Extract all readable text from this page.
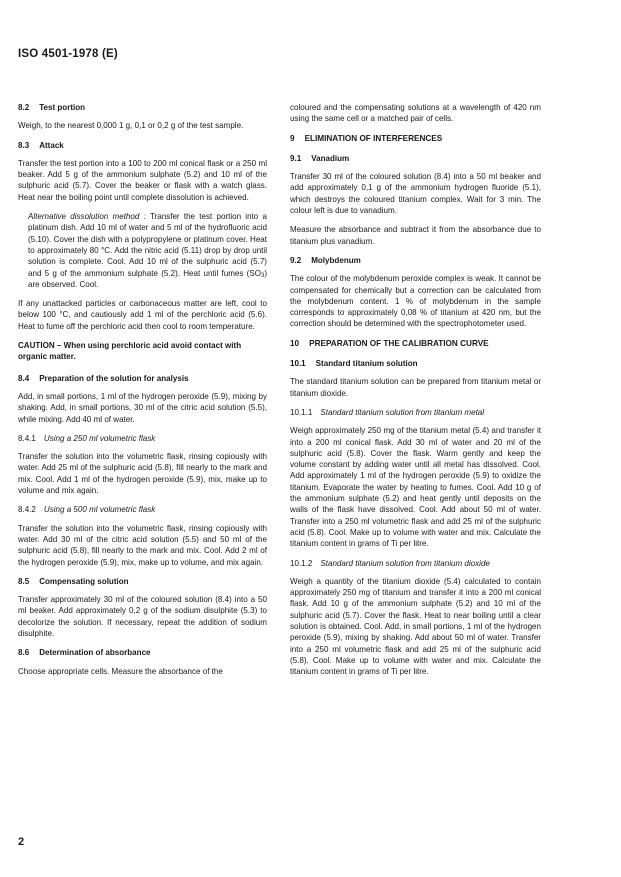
ISO 4501-1978 (E)
8.2 Test portion

Weigh, to the nearest 0,000 1 g, 0,1 or 0,2 g of the test sample.

8.3 Attack

Transfer the test portion into a 100 to 200 ml conical flask or a 250 ml beaker. Add 5 g of the ammonium sulphate (5.2) and 10 ml of the sulphuric acid (5.7). Cover the beaker or flask with a watch glass. Heat near the boiling point until complete dissolution is achieved.

Alternative dissolution method : Transfer the test portion into a platinum dish. Add 10 ml of water and 5 ml of the hydrofluoric acid (5.10). Cover the dish with a polypropylene or platinum cover. Heat to approximately 80 °C. Add the nitric acid (5.11) drop by drop until solution is complete. Cool. Add 10 ml of the sulphuric acid (5.7) and 5 g of the ammonium sulphate (5.2). Heat until fumes $(SO_3)$ are observed. Cool.

If any unattacked particles or carbonaceous matter are left, cool to below 100 °C, and cautiously add 1 ml of the perchloric acid (5.6). Heat to fume off the perchloric acid then cool to room temperature.

CAUTION – When using perchloric acid avoid contact with organic matter.

8.4 Preparation of the solution for analysis

Add, in small portions, 1 ml of the hydrogen peroxide (5.9), mixing by shaking. Add, in small portions, 30 ml of the citric acid solution (5.5), while mixing. Add 40 ml of water.

8.4.1 Using a 250 ml volumetric flask

Transfer the solution into the volumetric flask, rinsing copiously with water. Add 25 ml of the sulphuric acid (5.8), fill nearly to the mark and mix. Cool. Add 1 ml of the hydrogen peroxide (5.9), mix, make up to volume and mix again.

8.4.2 Using a 500 ml volumetric flask

Transfer the solution into the volumetric flask, rinsing copiously with water. Add 30 ml of the citric acid solution (5.5) and 50 ml of the sulphuric acid (5.8), fill nearly to the mark and mix. Cool. Add 2 ml of the hydrogen peroxide (5.9), mix, make up to volume, and mix again.

8.5 Compensating solution

Transfer approximately 30 ml of the coloured solution (8.4) into a 50 ml beaker. Add approximately 0,2 g of the sodium disulphite (5.3) to decolorize the solution. If necessary, repeat the addition of sodium disulphite.

8.6 Determination of absorbance

Choose appropriate cells. Measure the absorbance of the

coloured and the compensating solutions at a wavelength of 420 nm using the same cell or a matched pair of cells.

9 ELIMINATION OF INTERFERENCES
9.1 Vanadium

Transfer 30 ml of the coloured solution (8.4) into a 50 ml beaker and add approximately 0,1 g of the ammonium hydrogen fluoride (5.1), which destroys the coloured titanium complex. Wait for 3 min. The colour left is due to vanadium.

Measure the absorbance and subtract it from the absorbance due to titanium plus vanadium.

9.2 Molybdenum

The colour of the molybdenum peroxide complex is weak. It cannot be compensated for chemically but a correction can be calculated from the molybdenum content. 1 % of molybdenum in the sample corresponds to approximately 0,08 % of titanium at 420 nm, but the correction should be determined with the spectrophotometer used.

10 PREPARATION OF THE CALIBRATION CURVE
10.1 Standard titanium solution

The standard titanium solution can be prepared from titanium metal or titanium dioxide.

10.1.1 Standard titanium solution from titanium metal

Weigh approximately 250 mg of the titanium metal (5.4) and transfer it into a 200 ml conical flask. Add 30 ml of water and 20 ml of the sulphuric acid (5.8). Cover the flask. Warm gently and keep the volume constant by adding water until all metal has dissolved. Cool. Add approximately 1 ml of the hydrogen peroxide (5.9) to oxidize the titanium. Evaporate the water by heating to fumes. Cool. Add 10 g of the ammonium sulphate (5.2) and heat gently until deposits on the walls of the flask have dissolved. Cool. Add about 50 ml of water. Transfer into a 250 ml volumetric flask and add 25 ml of the sulphuric acid (5.8). Cool. Make up to volume with water and mix. Calculate the titanium content in grams of Ti per litre.

10.1.2 Standard titanium solution from titanium dioxide

Weigh a quantity of the titanium dioxide (5.4) calculated to contain approximately 250 mg of titanium and transfer it into a 200 ml conical flask. Add 10 g of the ammonium sulphate (5.2) and 10 ml of the sulphuric acid (5.7). Cover the flask. Heat to near boiling until a clear solution is obtained. Cool. Add, in small portions, 1 ml of the hydrogen peroxide (5.9), mixing by shaking. Add about 50 ml of water. Transfer into a 250 ml volumetric flask and add 25 ml of the sulphuric acid (5.8). Cool. Make up to volume with water and mix. Calculate the titanium content in grams of Ti per litre.

2
